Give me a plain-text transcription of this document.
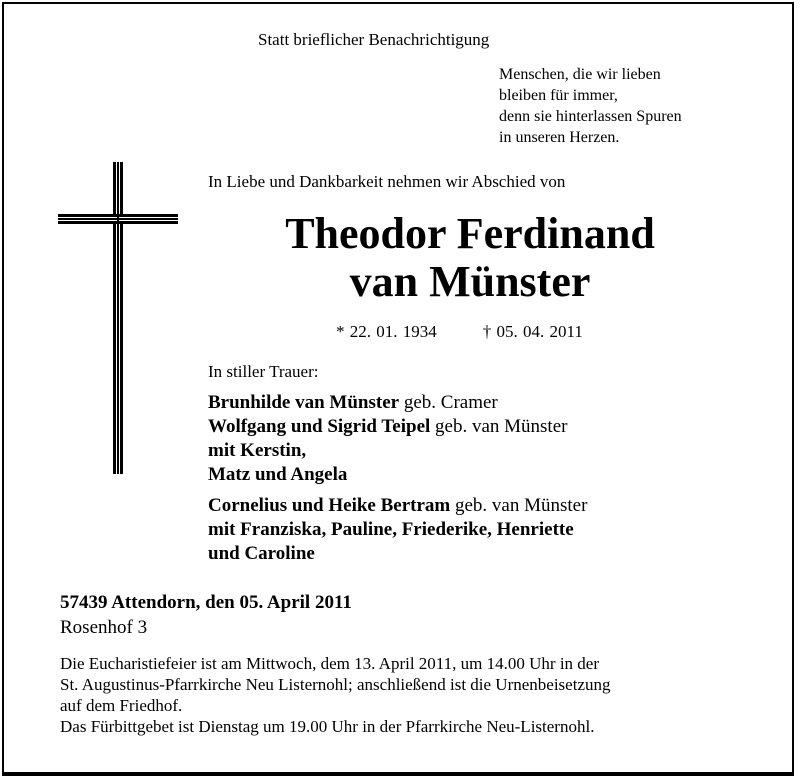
Statt brieflicher Benachrichtigung
Menschen, die wir lieben
bleiben für immer,
denn sie hinterlassen Spuren
in unseren Herzen.
In Liebe und Dankbarkeit nehmen wir Abschied von
Theodor Ferdinand
van Münster
* 22. 01. 1934	† 05. 04. 2011
In stiller Trauer:
Brunhilde van Münster geb. Cramer
Wolfgang und Sigrid Teipel geb. van Münster
mit Kerstin,
Matz und Angela
Cornelius und Heike Bertram geb. van Münster
mit Franziska, Pauline, Friederike, Henriette
und Caroline
57439 Attendorn, den 05. April 2011
Rosenhof 3
Die Eucharistiefeier ist am Mittwoch, dem 13. April 2011, um 14.00 Uhr in der
St. Augustinus-Pfarrkirche Neu Listernohl; anschließend ist die Urnenbeisetzung
auf dem Friedhof.
Das Fürbittgebet ist Dienstag um 19.00 Uhr in der Pfarrkirche Neu-Listernohl.
